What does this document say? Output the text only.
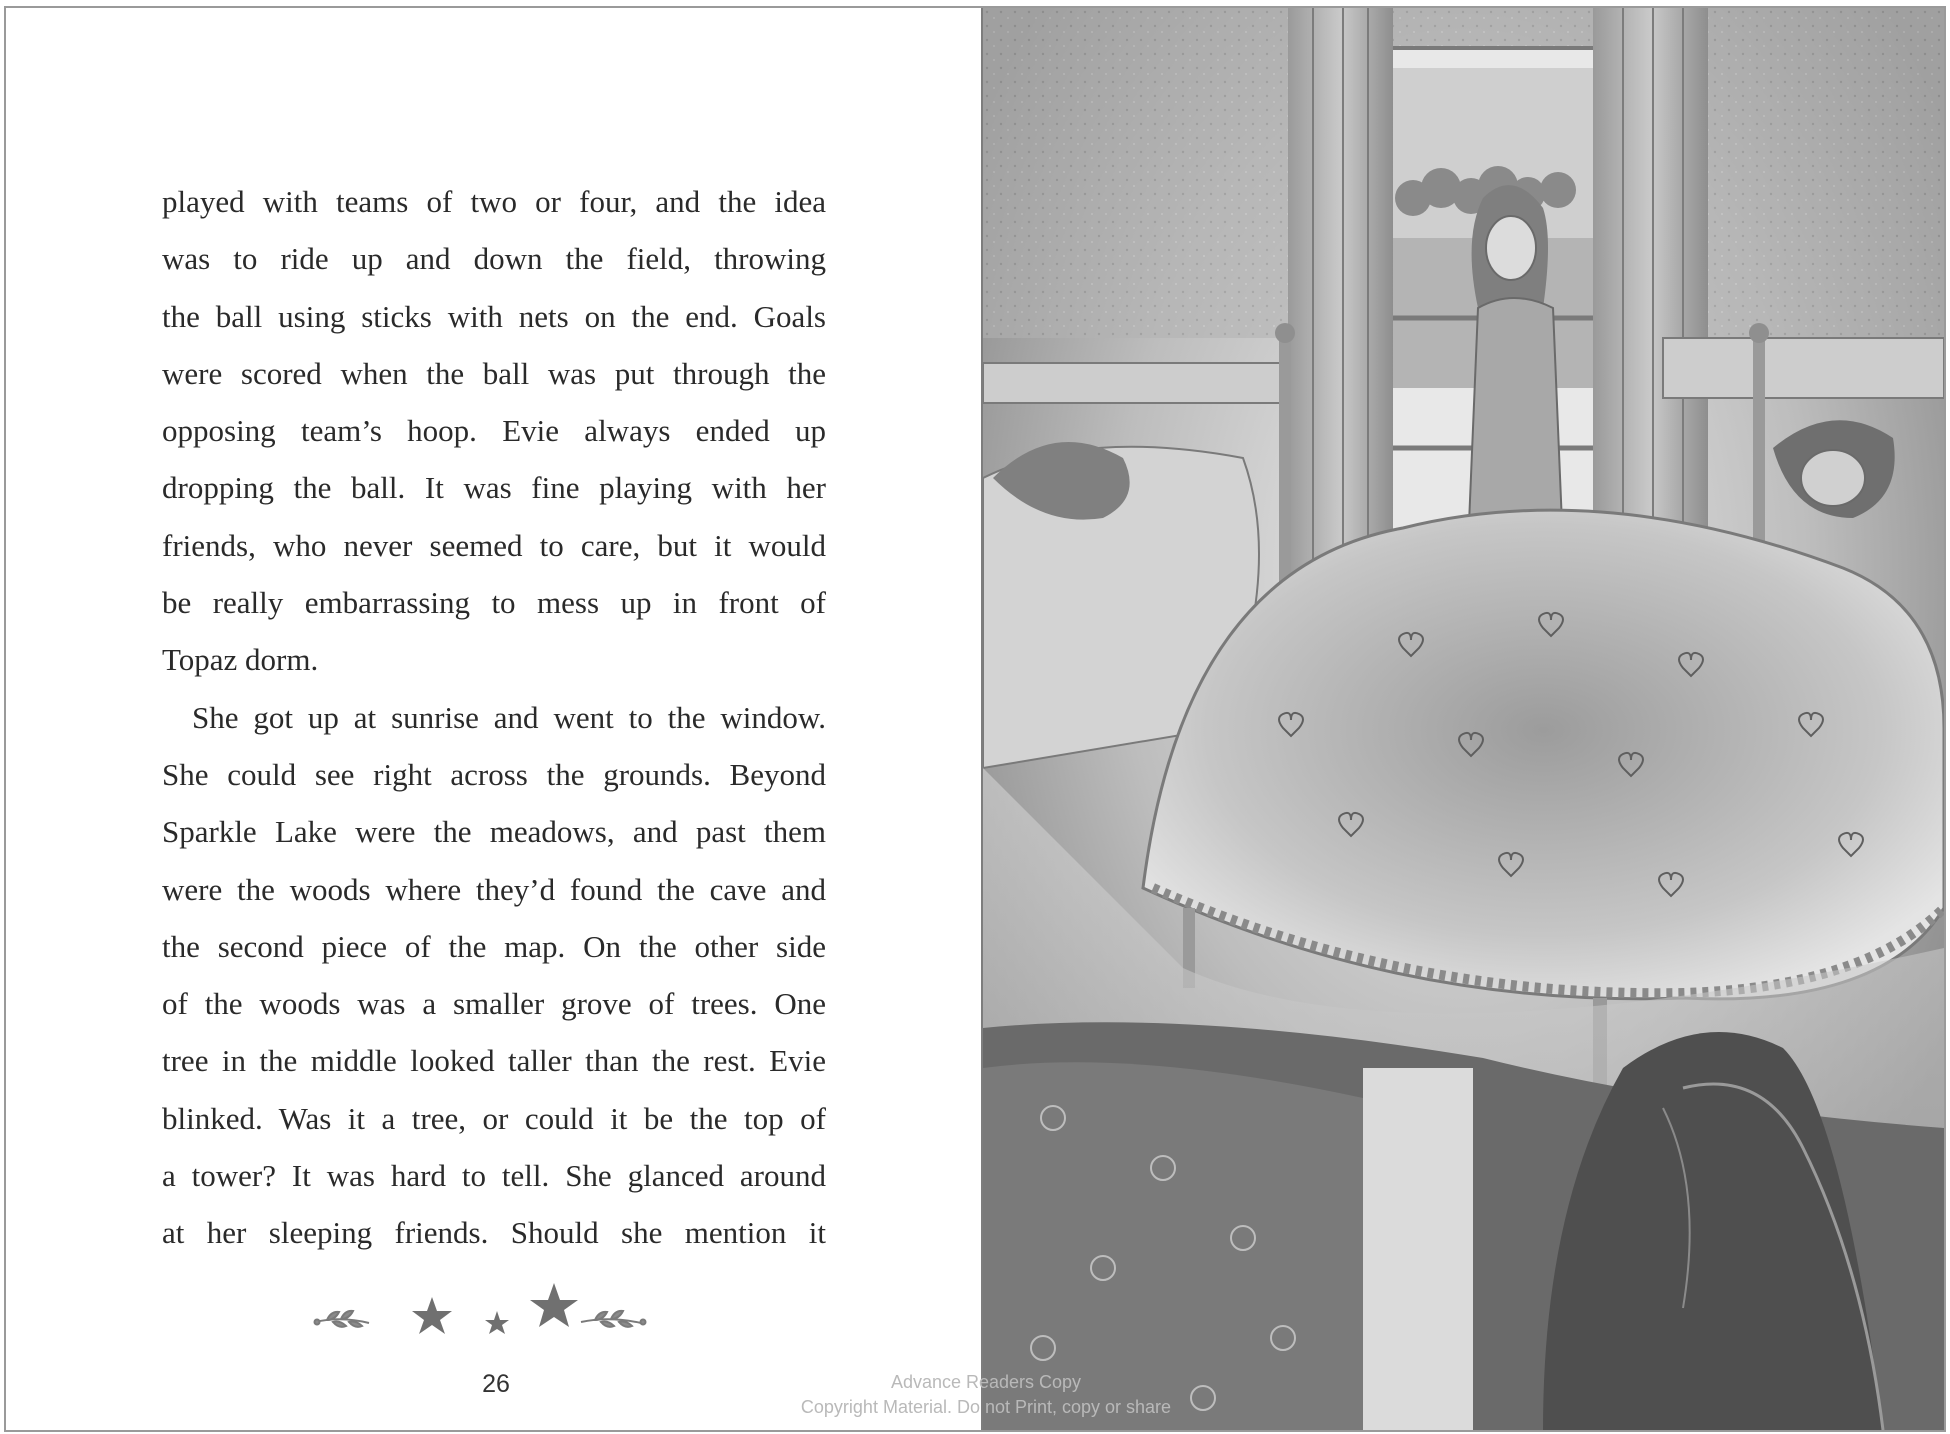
played with teams of two or four, and the idea
was to ride up and down the field, throwing
the ball using sticks with nets on the end. Goals
were scored when the ball was put through the
opposing team’s hoop. Evie always ended up
dropping the ball. It was fine playing with her
friends, who never seemed to care, but it would
be really embarrassing to mess up in front of
Topaz dorm.
She got up at sunrise and went to the window.
She could see right across the grounds. Beyond
Sparkle Lake were the meadows, and past them
were the woods where they’d found the cave and
the second piece of the map. On the other side
of the woods was a smaller grove of trees. One
tree in the middle looked taller than the rest. Evie
blinked. Was it a tree, or could it be the top of
a tower? It was hard to tell. She glanced around
at her sleeping friends. Should she mention it
26	Advance Readers Copy
Copyright Material. Do not Print, copy or share
